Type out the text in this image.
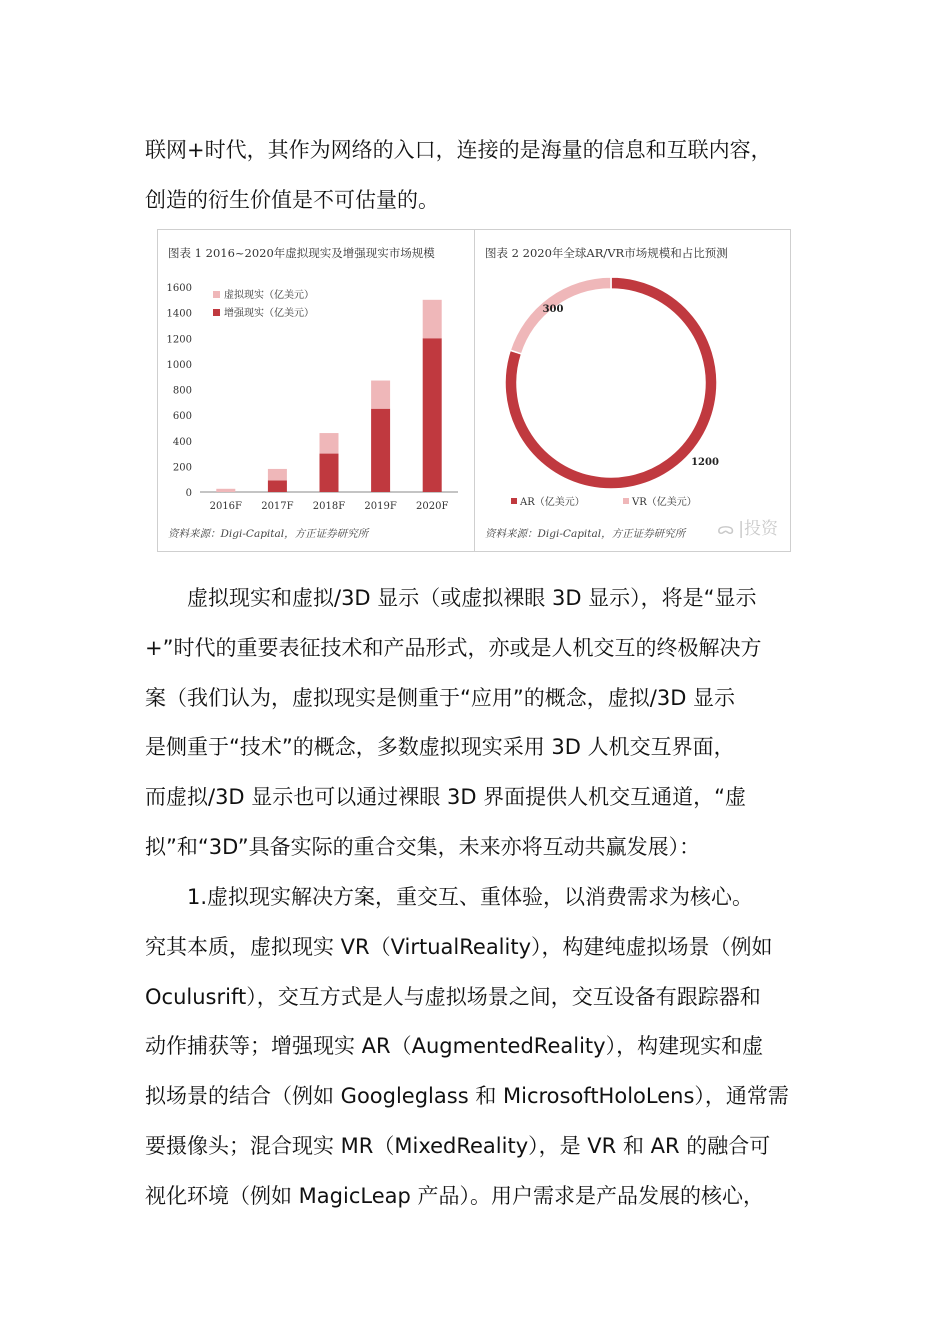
联网+时代，其作为网络的入口，连接的是海量的信息和互联内容，
创造的衍生价值是不可估量的。
图表 1 2016~2020年虚拟现实及增强现实市场规模
0
200
400
600
800
1000
1200
1400
1600
2016F 2017F 2018F 2019F 2020F
虚拟现实（亿美元）
增强现实（亿美元）
资料来源：Digi-Capital，方正证券研究所
图表 2 2020年全球AR/VR市场规模和占比预测
1200
300
AR（亿美元）	VR（亿美元）
资料来源：Digi-Capital，方正证券研究所 ᯅ |投资
　　虚拟现实和虚拟/3D 显示（或虚拟裸眼 3D 显示），将是“显示
+”时代的重要表征技术和产品形式，亦或是人机交互的终极解决方
案（我们认为，虚拟现实是侧重于“应用”的概念，虚拟/3D 显示
是侧重于“技术”的概念，多数虚拟现实采用 3D 人机交互界面，
而虚拟/3D 显示也可以通过裸眼 3D 界面提供人机交互通道，“虚
拟”和“3D”具备实际的重合交集，未来亦将互动共赢发展）：
　　1.虚拟现实解决方案，重交互、重体验，以消费需求为核心。
究其本质，虚拟现实 VR（VirtualReality），构建纯虚拟场景（例如
Oculusrift），交互方式是人与虚拟场景之间，交互设备有跟踪器和
动作捕获等；增强现实 AR（AugmentedReality），构建现实和虚
拟场景的结合（例如 Googleglass 和 MicrosoftHoloLens），通常需
要摄像头；混合现实 MR（MixedReality），是 VR 和 AR 的融合可
视化环境（例如 MagicLeap 产品）。用户需求是产品发展的核心，
